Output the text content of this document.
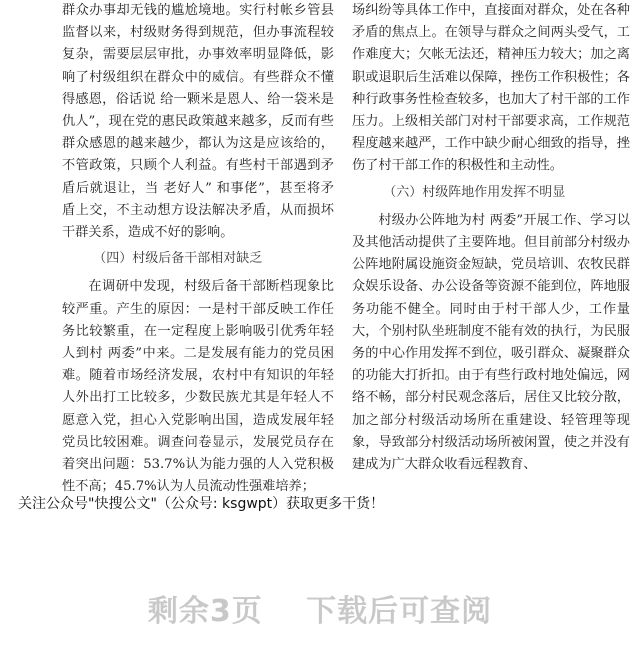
群众办事却无钱的尴尬境地。实行村帐乡管县监督以来，村级财务得到规范，但办事流程较复杂，需要层层审批，办事效率明显降低，影响了村级组织在群众中的威信。有些群众不懂得感恩，俗话说 给一颗米是恩人、给一袋米是仇人”，现在党的惠民政策越来越多，反而有些群众感恩的越来越少，都认为这是应该给的，不管政策，只顾个人利益。有些村干部遇到矛盾后就退让，当 老好人” 和事佬”，甚至将矛盾上交，不主动想方设法解决矛盾，从而损坏干群关系，造成不好的影响。

（四）村级后备干部相对缺乏

在调研中发现，村级后备干部断档现象比较严重。产生的原因：一是村干部反映工作任务比较繁重，在一定程度上影响吸引优秀年轻人到村 两委”中来。二是发展有能力的党员困难。随着市场经济发展，农村中有知识的年轻人外出打工比较多，少数民族尤其是年轻人不愿意入党，担心入党影响出国，造成发展年轻党员比较困难。调查问卷显示，发展党员存在着突出问题：53.7%认为能力强的人入党积极性不高；45.7%认为人员流动性强难培养；

场纠纷等具体工作中，直接面对群众，处在各种矛盾的焦点上。在领导与群众之间两头受气，工作难度大；欠帐无法还，精神压力较大；加之离职或退职后生活难以保障，挫伤工作积极性；各种行政事务性检查较多，也加大了村干部的工作压力。上级相关部门对村干部要求高，工作规范程度越来越严，工作中缺少耐心细致的指导，挫伤了村干部工作的积极性和主动性。

（六）村级阵地作用发挥不明显

村级办公阵地为村 两委”开展工作、学习以及其他活动提供了主要阵地。但目前部分村级办公阵地附属设施资金短缺，党员培训、农牧民群众娱乐设备、办公设备等资源不能到位，阵地服务功能不健全。同时由于村干部人少，工作量大，个别村队坐班制度不能有效的执行，为民服务的中心作用发挥不到位，吸引群众、凝聚群众的功能大打折扣。由于有些行政村地处偏远，网络不畅，部分村民观念落后，居住又比较分散，加之部分村级活动场所在重建设、轻管理等现象，导致部分村级活动场所被闲置，使之并没有建成为广大群众收看远程教育、

关注公众号"快搜公文"（公众号: ksgwpt）获取更多干货！
剩余3页 下载后可查阅
